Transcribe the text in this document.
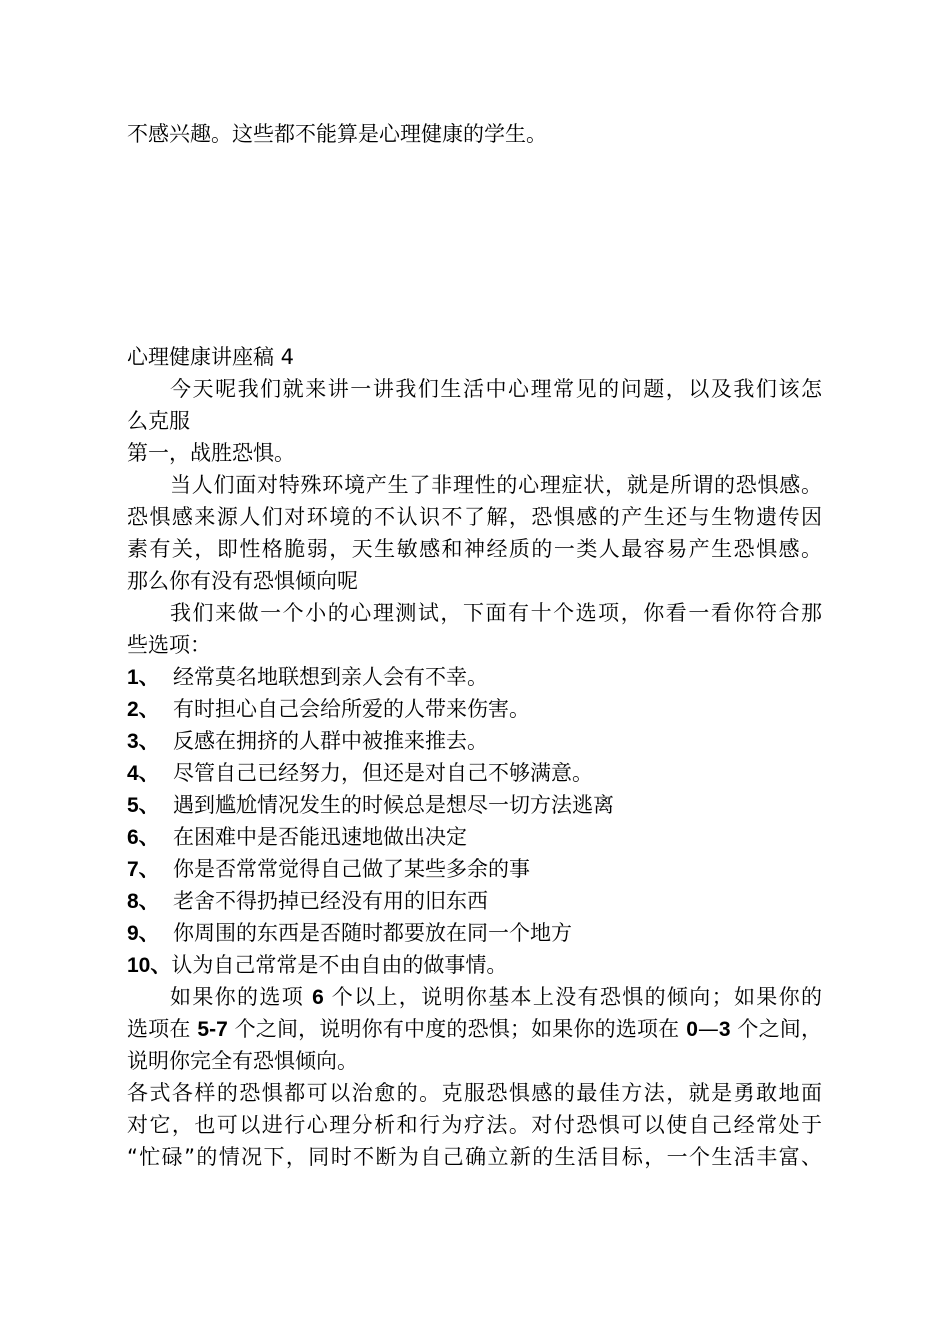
不感兴趣。这些都不能算是心理健康的学生。
心理健康讲座稿 4
今天呢我们就来讲一讲我们生活中心理常见的问题，以及我们该怎
么克服
第一，战胜恐惧。
当人们面对特殊环境产生了非理性的心理症状，就是所谓的恐惧感。
恐惧感来源人们对环境的不认识不了解，恐惧感的产生还与生物遗传因
素有关，即性格脆弱，天生敏感和神经质的一类人最容易产生恐惧感。
那么你有没有恐惧倾向呢
我们来做一个小的心理测试，下面有十个选项，你看一看你符合那
些选项：
1、 经常莫名地联想到亲人会有不幸。
2、 有时担心自己会给所爱的人带来伤害。
3、 反感在拥挤的人群中被推来推去。
4、 尽管自己已经努力，但还是对自己不够满意。
5、 遇到尴尬情况发生的时候总是想尽一切方法逃离
6、 在困难中是否能迅速地做出决定
7、 你是否常常觉得自己做了某些多余的事
8、 老舍不得扔掉已经没有用的旧东西
9、 你周围的东西是否随时都要放在同一个地方
10、认为自己常常是不由自由的做事情。
如果你的选项 6 个以上，说明你基本上没有恐惧的倾向；如果你的
选项在 5-7 个之间，说明你有中度的恐惧；如果你的选项在 0—3 个之间，
说明你完全有恐惧倾向。
各式各样的恐惧都可以治愈的。克服恐惧感的最佳方法，就是勇敢地面
对它，也可以进行心理分析和行为疗法。对付恐惧可以使自己经常处于
“忙碌”的情况下，同时不断为自己确立新的生活目标，一个生活丰富、
